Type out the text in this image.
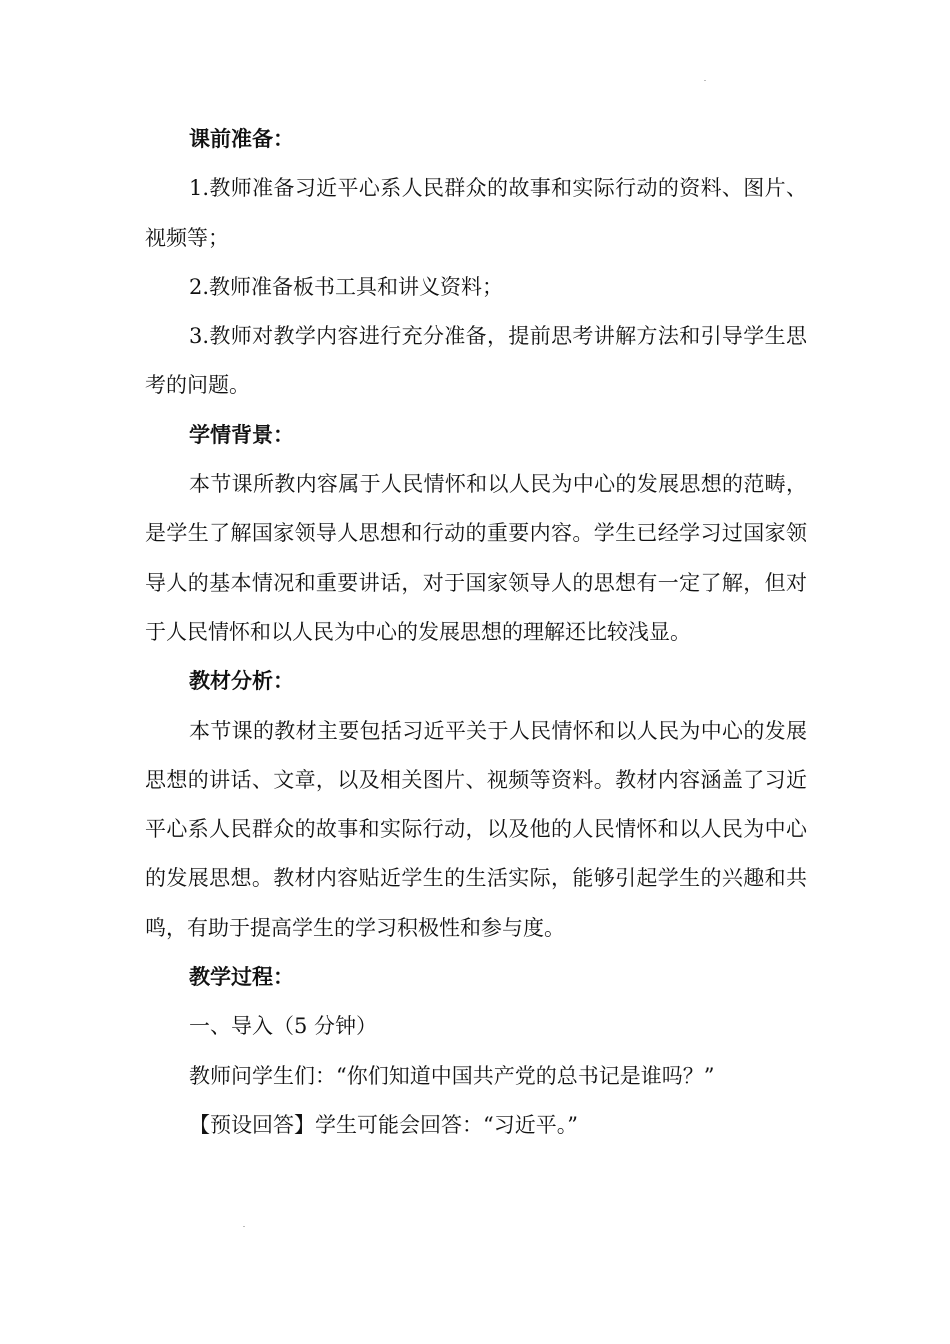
课前准备：

1.教师准备习近平心系人民群众的故事和实际行动的资料、图片、视频等；

2.教师准备板书工具和讲义资料；

3.教师对教学内容进行充分准备，提前思考讲解方法和引导学生思考的问题。

学情背景：

本节课所教内容属于人民情怀和以人民为中心的发展思想的范畴，是学生了解国家领导人思想和行动的重要内容。学生已经学习过国家领导人的基本情况和重要讲话，对于国家领导人的思想有一定了解，但对于人民情怀和以人民为中心的发展思想的理解还比较浅显。

教材分析：

本节课的教材主要包括习近平关于人民情怀和以人民为中心的发展思想的讲话、文章，以及相关图片、视频等资料。教材内容涵盖了习近平心系人民群众的故事和实际行动，以及他的人民情怀和以人民为中心的发展思想。教材内容贴近学生的生活实际，能够引起学生的兴趣和共鸣，有助于提高学生的学习积极性和参与度。

教学过程：

一、导入（5 分钟）

教师问学生们：“你们知道中国共产党的总书记是谁吗？”

【预设回答】学生可能会回答：“习近平。”
